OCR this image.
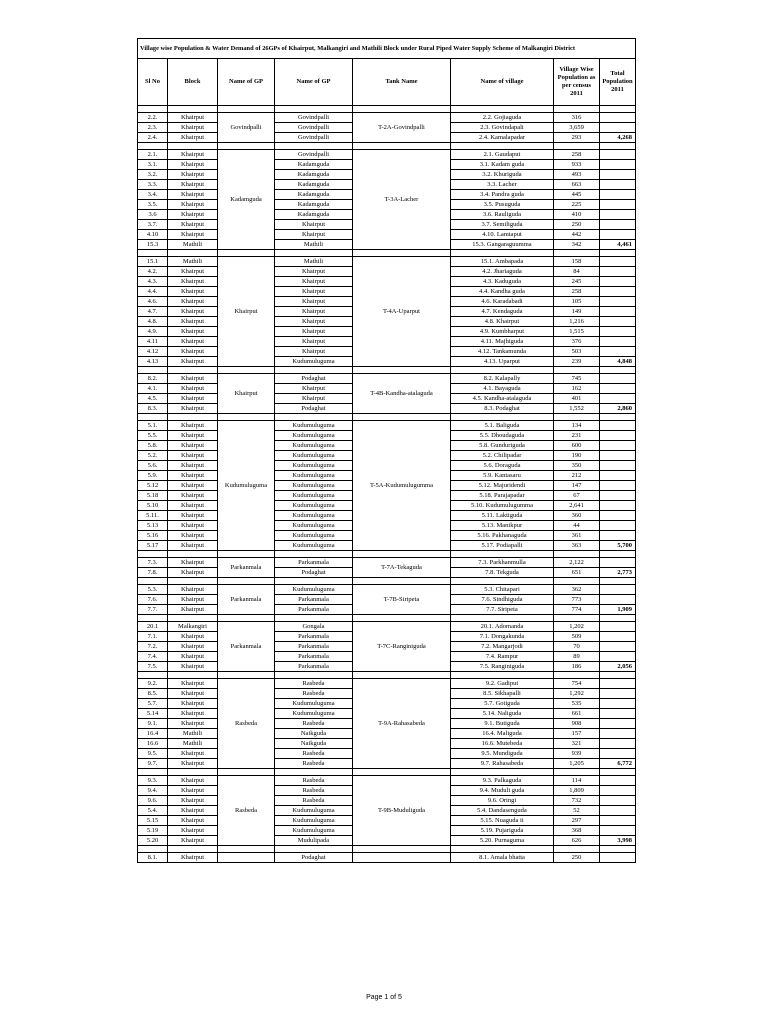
Village wise Population & Water Demand of 26GPs of Khairput, Malkangiri and Mathili Block under Rural Piped Water Supply Scheme of Malkangiri District							
Sl No	Block	Name of GP	Name of GP	Tank Name	Name of village	Village Wise Population as per census 2011	Total Population 2011

2.2.	Khairput	Govindpalli	Govindpalli	T-2A-Govindpalli	2.2. Gojiaguda	316	
2.3.	Khairput		Govindpalli		2.3. Govindapali	3,659	
2.4.	Khairput		Govindpalli		2.4. Kamalapadar	293	4,268

2.1.	Khairput	Kadamguda	Govindpalli	T-3A-Lacher	2.1. Gaudaput	258	
3.1.	Khairput		Kadamguda		3.1. Kadam guda	933	
3.2.	Khairput		Kadamguda		3.2. Khuriguda	493	
3.3.	Khairput		Kadamguda		3.3. Lacher	663	
3.4.	Khairput		Kadamguda		3.4. Pandra guda	445	
3.5.	Khairput		Kadamguda		3.5. Pusuguda	225	
3.6	Khairput		Kadamguda		3.6. Rauliguda	410	
3.7.	Khairput		Khairput		3.7. Semiliguda	250	
4.10	Khairput		Khairput		4.10. Lamtaput	442	
15.3	Mathili		Mathili		15.3. Gangaraguumma	342	4,461

15.1	Mathili	Khairput	Mathili	T-4A-Uparput	15.1. Ambapada	158	
4.2.	Khairput		Khairput		4.2. Jhariaguda	84	
4.3.	Khairput		Khairput		4.3. Kaduguda	245	
4.4.	Khairput		Khairput		4.4. Kandha guda	258	
4.6.	Khairput		Khairput		4.6. Karadabadi	105	
4.7.	Khairput		Khairput		4.7. Kendaguda	149	
4.8.	Khairput		Khairput		4.8. Khairput	1,216	
4.9.	Khairput		Khairput		4.9. Kumbharput	1,515	
4.11	Khairput		Khairput		4.11. Majhiguda	376	
4.12	Khairput		Khairput		4.12. Tankamunda	503	
4.13	Khairput		Kudumuluguma		4.13. Uparput	239	4,848

8.2.	Khairput	Khairput	Podaghat	T-4B-Kandha-atalaguda	8.2. Kalapally	745	
4.1.	Khairput		Khairput		4.1. Bayaguda	162	
4.5.	Khairput		Khairput		4.5. Kandha-atalaguda	401	
8.3.	Khairput		Podaghat		8.3. Podaghat	1,552	2,860

5.1.	Khairput	Kudumuluguma	Kudumuluguma	T-5A-Kudumulugumma	5.1. Baliguda	134	
5.5.	Khairput		Kudumuluguma		5.5. Dhoudaguda	231	
5.8.	Khairput		Kudumuluguma		5.8. Gunduriguda	600	
5.2.	Khairput		Kudumuluguma		5.2. Chilipadar	190	
5.6.	Khairput		Kudumuluguma		5.6. Doraguda	350	
5.9.	Khairput		Kudumuluguma		5.9. Kantasaru	212	
5.12	Khairput		Kudumuluguma		5.12. Majuridendi	147	
5.18	Khairput		Kudumuluguma		5.18. Parajapadar	67	
5.10	Khairput		Kudumuluguma		5.10. Kudumulugumma	2,641	
5.11.	Khairput		Kudumuluguma		5.11. Laktiguda	360	
5.13	Khairput		Kudumuluguma		5.13. Manikpur	44	
5.16	Khairput		Kudumuluguma		5.16. Pakhanaguda	361	
5.17	Khairput		Kudumuluguma		5.17. Podiapalli	363	5,700

7.3.	Khairput	Parkanmala	Parkanmala	T-7A-Tekaguda	7.3. Parkhanmulla	2,122	
7.8.	Khairput		Podaghat		7.8. Tekguda	651	2,773

5.3.	Khairput	Parkanmala	Kudumuluguma	T-7B-Siripeta	5.3. Chitapari	362	
7.6.	Khairput		Parkanmala		7.6. Sindhiguda	773	
7.7.	Khairput		Parkanmala		7.7. Siripeta	774	1,909

20.1	Malkangiri	Parkanmala	Gongala	T-7C-Ranginiguda	20.1. Adomanda	1,202	
7.1.	Khairput		Parkanmala		7.1. Dongakunda	509	
7.2.	Khairput		Parkanmala		7.2. Mangarjodi	70	
7.4.	Khairput		Parkanmala		7.4. Rampur	89	
7.5.	Khairput		Parkanmala		7.5. Ranginiguda	186	2,056

9.2.	Khairput	Rasbeda	Rasbeda	T-9A-Rahasabeda	9.2. Gadiput	754	
8.5.	Khairput		Rasbeda		8.5. Sikhapalli	1,292	
5.7.	Khairput		Kudumuluguma		5.7. Gotiguda	535	
5.14	Khairput		Kudumuluguma		5.14. Naliguda	661	
9.1.	Khairput		Rasbeda		9.1. Butiguda	908	
16.4	Mathili		Naikguda		16.4. Maliguda	157	
16.6	Mathili		Naikguda		16.6. Mutebeda	321	
9.5.	Khairput		Rasbeda		9.5. Mundiguda	939	
9.7.	Khairput		Rasbeda		9.7. Rahasabeda	1,205	6,772

9.3.	Khairput	Rasbeda	Rasbeda	T-9B-Muduliguda	9.3. Palkaguda	114	
9.4.	Khairput		Rasbeda		9.4. Muduli guda	1,809	
9.6.	Khairput		Rasbeda		9.6. Oringi	732	
5.4.	Khairput		Kudumuluguma		5.4. Dandasenguda	52	
5.15	Khairput		Kudumuluguma		5.15. Nuaguda ii	297	
5.19	Khairput		Kudumuluguma		5.19. Pujariguda	368	
5.20	Khairput		Mudulipada		5.20. Purnaguma	626	3,998

8.1.	Khairput		Podaghat		8.1. Amala bhatta	250	
Page 1 of 5
